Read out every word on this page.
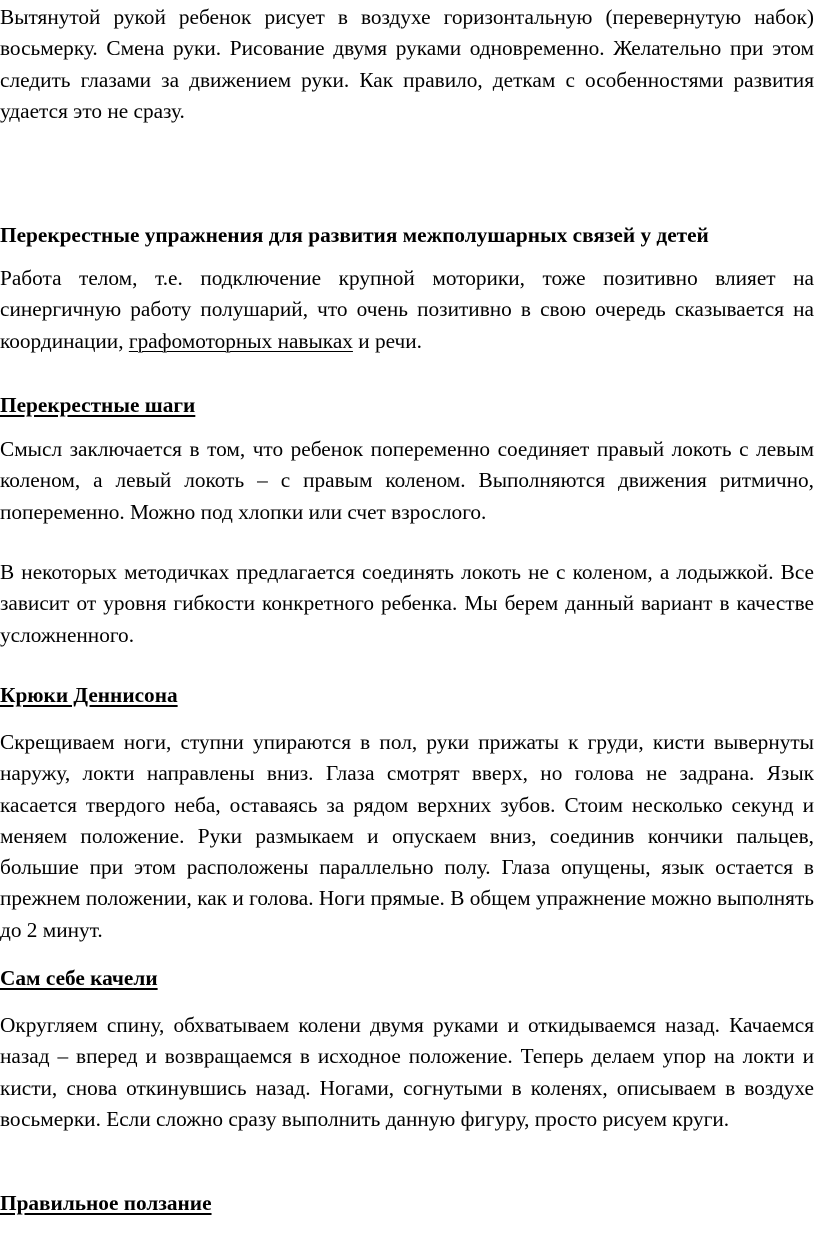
Вытянутой рукой ребенок рисует в воздухе горизонтальную (перевернутую набок) восьмерку. Смена руки. Рисование двумя руками одновременно. Желательно при этом следить глазами за движением руки. Как правило, деткам с особенностями развития удается это не сразу.

Перекрестные упражнения для развития межполушарных связей у детей

Работа телом, т.е. подключение крупной моторики, тоже позитивно влияет на синергичную работу полушарий, что очень позитивно в свою очередь сказывается на координации, графомоторных навыках и речи.

Перекрестные шаги

Смысл заключается в том, что ребенок попеременно соединяет правый локоть с левым коленом, а левый локоть – с правым коленом. Выполняются движения ритмично, попеременно. Можно под хлопки или счет взрослого.

В некоторых методичках предлагается соединять локоть не с коленом, а лодыжкой. Все зависит от уровня гибкости конкретного ребенка. Мы берем данный вариант в качестве усложненного.

Крюки Деннисона

Скрещиваем ноги, ступни упираются в пол, руки прижаты к груди, кисти вывернуты наружу, локти направлены вниз. Глаза смотрят вверх, но голова не задрана. Язык касается твердого неба, оставаясь за рядом верхних зубов. Стоим несколько секунд и меняем положение. Руки размыкаем и опускаем вниз, соединив кончики пальцев, большие при этом расположены параллельно полу. Глаза опущены, язык остается в прежнем положении, как и голова. Ноги прямые. В общем упражнение можно выполнять до 2 минут.

Сам себе качели

Округляем спину, обхватываем колени двумя руками и откидываемся назад. Качаемся назад – вперед и возвращаемся в исходное положение. Теперь делаем упор на локти и кисти, снова откинувшись назад. Ногами, согнутыми в коленях, описываем в воздухе восьмерки. Если сложно сразу выполнить данную фигуру, просто рисуем круги.

Правильное ползание
